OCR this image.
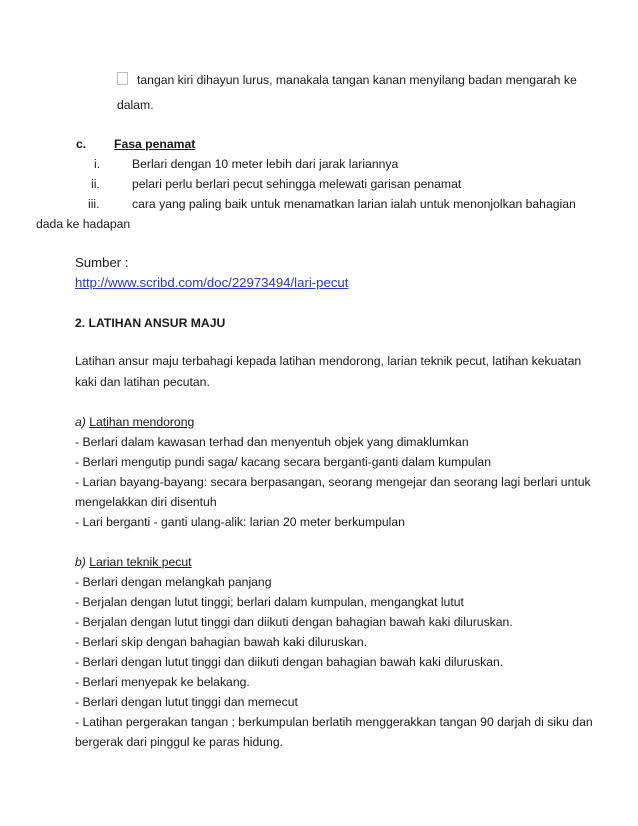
tangan kiri dihayun lurus, manakala tangan kanan menyilang badan mengarah ke
dalam.
c. Fasa penamat
i.	Berlari dengan 10 meter lebih dari jarak lariannya
ii.	pelari perlu berlari pecut sehingga melewati garisan penamat
iii.	cara yang paling baik untuk menamatkan larian ialah untuk menonjolkan bahagian
dada ke hadapan
Sumber :
http://www.scribd.com/doc/22973494/lari-pecut
2. LATIHAN ANSUR MAJU
Latihan ansur maju terbahagi kepada latihan mendorong, larian teknik pecut, latihan kekuatan
kaki dan latihan pecutan.
a) Latihan mendorong
- Berlari dalam kawasan terhad dan menyentuh objek yang dimaklumkan
- Berlari mengutip pundi saga/ kacang secara berganti-ganti dalam kumpulan
- Larian bayang-bayang: secara berpasangan, seorang mengejar dan seorang lagi berlari untuk
mengelakkan diri disentuh
- Lari berganti - ganti ulang-alik: larian 20 meter berkumpulan
b) Larian teknik pecut
- Berlari dengan melangkah panjang
- Berjalan dengan lutut tinggi; berlari dalam kumpulan, mengangkat lutut
- Berjalan dengan lutut tinggi dan diikuti dengan bahagian bawah kaki diluruskan.
- Berlari skip dengan bahagian bawah kaki diluruskan.
- Berlari dengan lutut tinggi dan diikuti dengan bahagian bawah kaki diluruskan.
- Berlari menyepak ke belakang.
- Berlari dengan lutut tinggi dan memecut
- Latihan pergerakan tangan ; berkumpulan berlatih menggerakkan tangan 90 darjah di siku dan
bergerak dari pinggul ke paras hidung.
